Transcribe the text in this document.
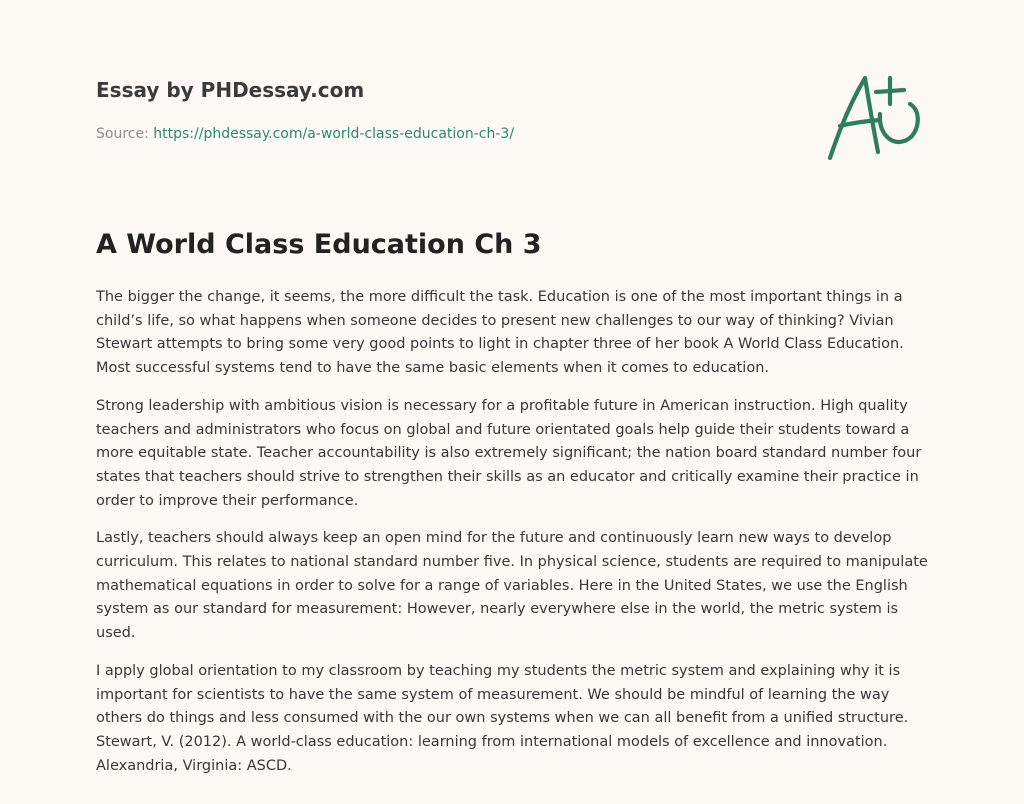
Essay by PHDessay.com
Source: https://phdessay.com/a-world-class-education-ch-3/
A World Class Education Ch 3

The bigger the change, it seems, the more difficult the task. Education is one of the most important things in a child’s life, so what happens when someone decides to present new challenges to our way of thinking? Vivian Stewart attempts to bring some very good points to light in chapter three of her book A World Class Education. Most successful systems tend to have the same basic elements when it comes to education.

Strong leadership with ambitious vision is necessary for a profitable future in American instruction. High quality teachers and administrators who focus on global and future orientated goals help guide their students toward a more equitable state. Teacher accountability is also extremely significant; the nation board standard number four states that teachers should strive to strengthen their skills as an educator and critically examine their practice in order to improve their performance.

Lastly, teachers should always keep an open mind for the future and continuously learn new ways to develop curriculum. This relates to national standard number five. In physical science, students are required to manipulate mathematical equations in order to solve for a range of variables. Here in the United States, we use the English system as our standard for measurement: However, nearly everywhere else in the world, the metric system is used.

I apply global orientation to my classroom by teaching my students the metric system and explaining why it is important for scientists to have the same system of measurement. We should be mindful of learning the way others do things and less consumed with the our own systems when we can all benefit from a unified structure. Stewart, V. (2012). A world-class education: learning from international models of excellence and innovation. Alexandria, Virginia: ASCD.
